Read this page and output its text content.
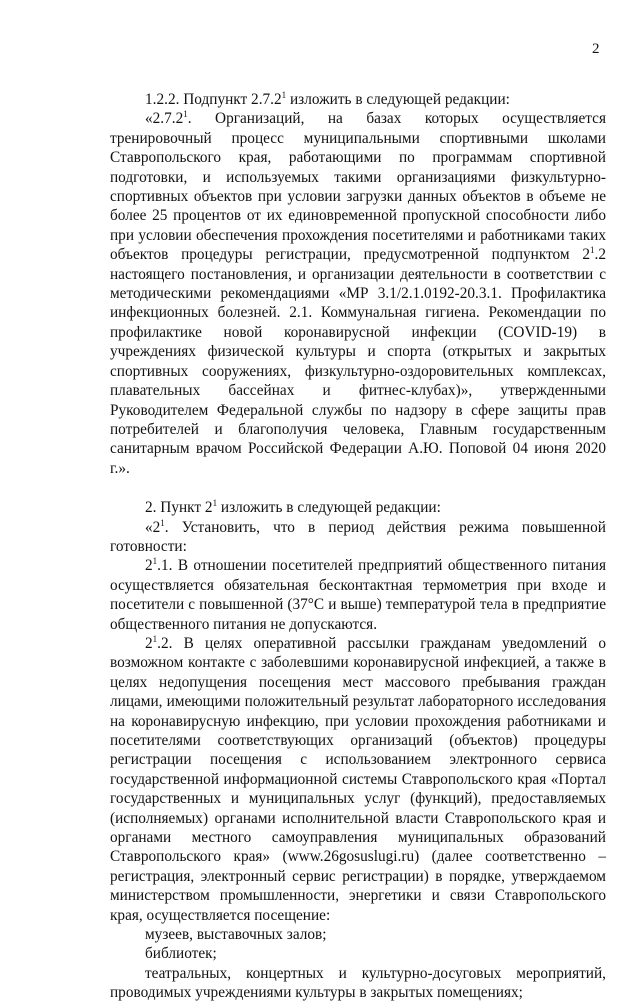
2

1.2.2. Подпункт 2.7.2$^1$ изложить в следующей редакции:

«2.7.2$^1$. Организаций, на базах которых осуществляется тренировочный процесс муниципальными спортивными школами Ставропольского края, работающими по программам спортивной подготовки, и используемых такими организациями физкультурно-спортивных объектов при условии загрузки данных объектов в объеме не более 25 процентов от их единовременной пропускной способности либо при условии обеспечения прохождения посетителями и работниками таких объектов процедуры регистрации, предусмотренной подпунктом $2^1.2$ настоящего постановления, и организации деятельности в соответствии с методическими рекомендациями «МР 3.1/2.1.0192-20.3.1. Профилактика инфекционных болезней. 2.1. Коммунальная гигиена. Рекомендации по профилактике новой коронавирусной инфекции (COVID-19) в учреждениях физической культуры и спорта (открытых и закрытых спортивных сооружениях, физкультурно-оздоровительных комплексах, плавательных бассейнах и фитнес-клубах)», утвержденными Руководителем Федеральной службы по надзору в сфере защиты прав потребителей и благополучия человека, Главным государственным санитарным врачом Российской Федерации А.Ю. Поповой 04 июня 2020 г.».

2. Пункт $2^1$ изложить в следующей редакции:

«$2^1$. Установить, что в период действия режима повышенной готовности:

$2^1.1$. В отношении посетителей предприятий общественного питания осуществляется обязательная бесконтактная термометрия при входе и посетители с повышенной (37°С и выше) температурой тела в предприятие общественного питания не допускаются.

$2^1.2$. В целях оперативной рассылки гражданам уведомлений о возможном контакте с заболевшими коронавирусной инфекцией, а также в целях недопущения посещения мест массового пребывания граждан лицами, имеющими положительный результат лабораторного исследования на коронавирусную инфекцию, при условии прохождения работниками и посетителями соответствующих организаций (объектов) процедуры регистрации посещения с использованием электронного сервиса государственной информационной системы Ставропольского края «Портал государственных и муниципальных услуг (функций), предоставляемых (исполняемых) органами исполнительной власти Ставропольского края и органами местного самоуправления муниципальных образований Ставропольского края» (www.26gosuslugi.ru) (далее соответственно – регистрация, электронный сервис регистрации) в порядке, утверждаемом министерством промышленности, энергетики и связи Ставропольского края, осуществляется посещение:

музеев, выставочных залов;

библиотек;

театральных, концертных и культурно-досуговых мероприятий, проводимых учреждениями культуры в закрытых помещениях;
